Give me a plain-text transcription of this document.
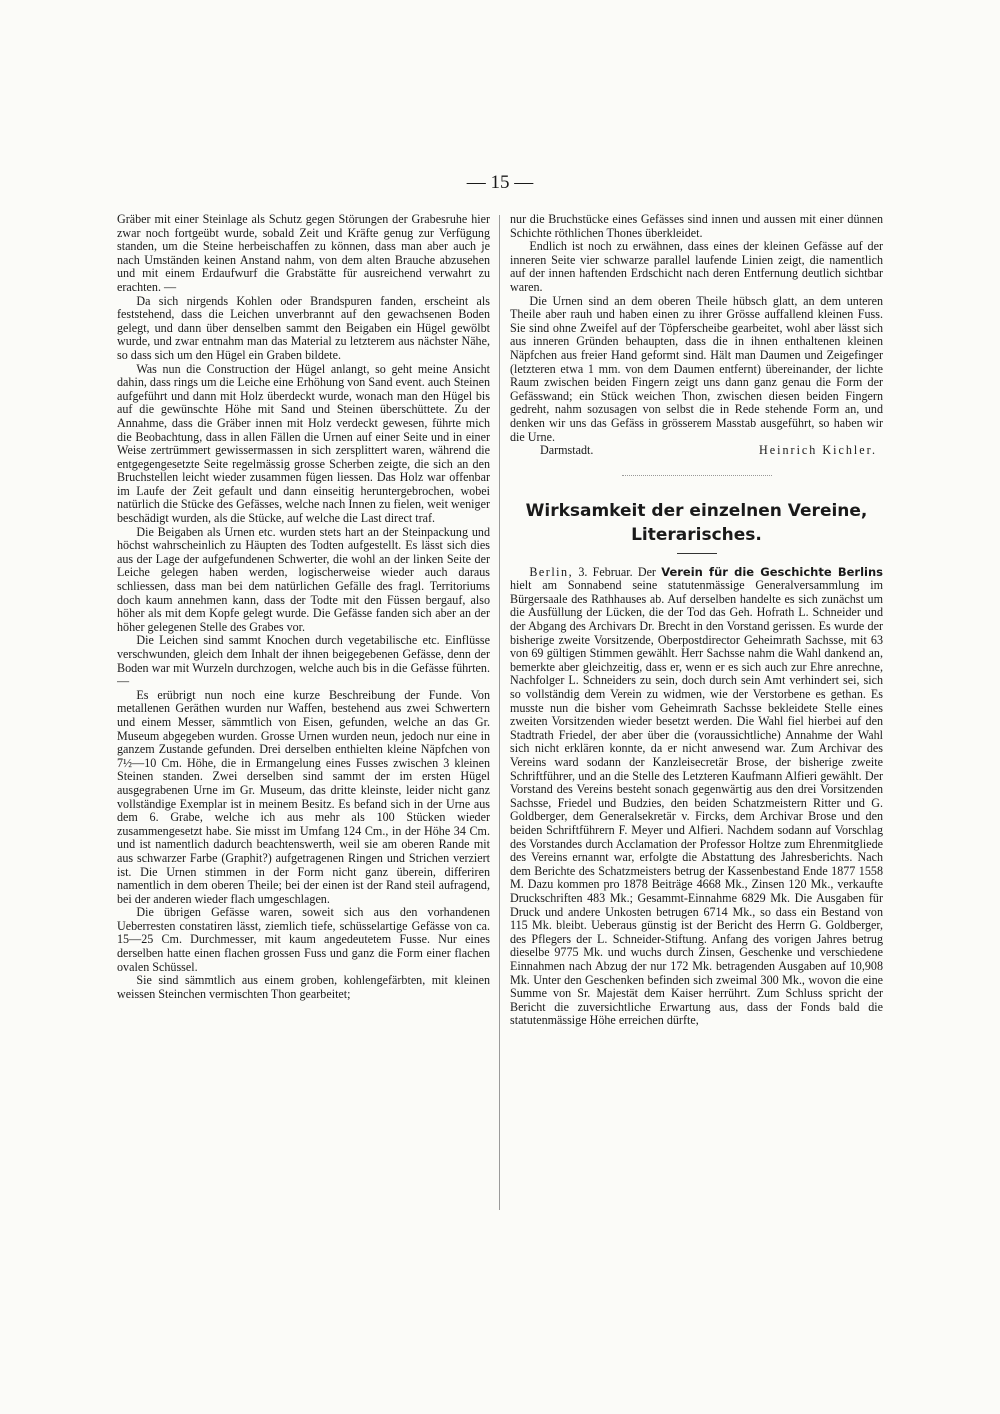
— 15 —

Gräber mit einer Steinlage als Schutz gegen Störungen der Grabesruhe hier zwar noch fortgeübt wurde, sobald Zeit und Kräfte genug zur Verfügung standen, um die Steine herbeischaffen zu können, dass man aber auch je nach Umständen keinen Anstand nahm, von dem alten Brauche abzusehen und mit einem Erdaufwurf die Grabstätte für ausreichend verwahrt zu erachten. —

Da sich nirgends Kohlen oder Brandspuren fanden, erscheint als feststehend, dass die Leichen unverbrannt auf den gewachsenen Boden gelegt, und dann über denselben sammt den Beigaben ein Hügel gewölbt wurde, und zwar entnahm man das Material zu letzterem aus nächster Nähe, so dass sich um den Hügel ein Graben bildete.

Was nun die Construction der Hügel anlangt, so geht meine Ansicht dahin, dass rings um die Leiche eine Erhöhung von Sand event. auch Steinen aufgeführt und dann mit Holz überdeckt wurde, wonach man den Hügel bis auf die gewünschte Höhe mit Sand und Steinen überschüttete. Zu der Annahme, dass die Gräber innen mit Holz verdeckt gewesen, führte mich die Beobachtung, dass in allen Fällen die Urnen auf einer Seite und in einer Weise zertrümmert gewissermassen in sich zersplittert waren, während die entgegengesetzte Seite regelmässig grosse Scherben zeigte, die sich an den Bruchstellen leicht wieder zusammen fügen liessen. Das Holz war offenbar im Laufe der Zeit gefault und dann einseitig heruntergebrochen, wobei natürlich die Stücke des Gefässes, welche nach Innen zu fielen, weit weniger beschädigt wurden, als die Stücke, auf welche die Last direct traf.

Die Beigaben als Urnen etc. wurden stets hart an der Steinpackung und höchst wahrscheinlich zu Häupten des Todten aufgestellt. Es lässt sich dies aus der Lage der aufgefundenen Schwerter, die wohl an der linken Seite der Leiche gelegen haben werden, logischerweise wieder auch daraus schliessen, dass man bei dem natürlichen Gefälle des fragl. Territoriums doch kaum annehmen kann, dass der Todte mit den Füssen bergauf, also höher als mit dem Kopfe gelegt wurde. Die Gefässe fanden sich aber an der höher gelegenen Stelle des Grabes vor.

Die Leichen sind sammt Knochen durch vegetabilische etc. Einflüsse verschwunden, gleich dem Inhalt der ihnen beigegebenen Gefässe, denn der Boden war mit Wurzeln durchzogen, welche auch bis in die Gefässe führten. —

Es erübrigt nun noch eine kurze Beschreibung der Funde. Von metallenen Geräthen wurden nur Waffen, bestehend aus zwei Schwertern und einem Messer, sämmtlich von Eisen, gefunden, welche an das Gr. Museum abgegeben wurden. Grosse Urnen wurden neun, jedoch nur eine in ganzem Zustande gefunden. Drei derselben enthielten kleine Näpfchen von 7½—10 Cm. Höhe, die in Ermangelung eines Fusses zwischen 3 kleinen Steinen standen. Zwei derselben sind sammt der im ersten Hügel ausgegrabenen Urne im Gr. Museum, das dritte kleinste, leider nicht ganz vollständige Exemplar ist in meinem Besitz. Es befand sich in der Urne aus dem 6. Grabe, welche ich aus mehr als 100 Stücken wieder zusammengesetzt habe. Sie misst im Umfang 124 Cm., in der Höhe 34 Cm. und ist namentlich dadurch beachtenswerth, weil sie am oberen Rande mit aus schwarzer Farbe (Graphit?) aufgetragenen Ringen und Strichen verziert ist. Die Urnen stimmen in der Form nicht ganz überein, differiren namentlich in dem oberen Theile; bei der einen ist der Rand steil aufragend, bei der anderen wieder flach umgeschlagen.

Die übrigen Gefässe waren, soweit sich aus den vorhandenen Ueberresten constatiren lässt, ziemlich tiefe, schüsselartige Gefässe von ca. 15—25 Cm. Durchmesser, mit kaum angedeutetem Fusse. Nur eines derselben hatte einen flachen grossen Fuss und ganz die Form einer flachen ovalen Schüssel.

Sie sind sämmtlich aus einem groben, kohlengefärbten, mit kleinen weissen Steinchen vermischten Thon gearbeitet;

nur die Bruchstücke eines Gefässes sind innen und aussen mit einer dünnen Schichte röthlichen Thones überkleidet.

Endlich ist noch zu erwähnen, dass eines der kleinen Gefässe auf der inneren Seite vier schwarze parallel laufende Linien zeigt, die namentlich auf der innen haftenden Erdschicht nach deren Entfernung deutlich sichtbar waren.

Die Urnen sind an dem oberen Theile hübsch glatt, an dem unteren Theile aber rauh und haben einen zu ihrer Grösse auffallend kleinen Fuss. Sie sind ohne Zweifel auf der Töpferscheibe gearbeitet, wohl aber lässt sich aus inneren Gründen behaupten, dass die in ihnen enthaltenen kleinen Näpfchen aus freier Hand geformt sind. Hält man Daumen und Zeigefinger (letzteren etwa 1 mm. von dem Daumen entfernt) übereinander, der lichte Raum zwischen beiden Fingern zeigt uns dann ganz genau die Form der Gefässwand; ein Stück weichen Thon, zwischen diesen beiden Fingern gedreht, nahm sozusagen von selbst die in Rede stehende Form an, und denken wir uns das Gefäss in grösserem Masstab ausgeführt, so haben wir die Urne.

Darmstadt.	Heinrich Kichler.
Wirksamkeit der einzelnen Vereine,
Literarisches.

Berlin, 3. Februar. Der Verein für die Geschichte Berlins hielt am Sonnabend seine statutenmässige Generalversammlung im Bürgersaale des Rathhauses ab. Auf derselben handelte es sich zunächst um die Ausfüllung der Lücken, die der Tod das Geh. Hofrath L. Schneider und der Abgang des Archivars Dr. Brecht in den Vorstand gerissen. Es wurde der bisherige zweite Vorsitzende, Oberpostdirector Geheimrath Sachsse, mit 63 von 69 gültigen Stimmen gewählt. Herr Sachsse nahm die Wahl dankend an, bemerkte aber gleichzeitig, dass er, wenn er es sich auch zur Ehre anrechne, Nachfolger L. Schneiders zu sein, doch durch sein Amt verhindert sei, sich so vollständig dem Verein zu widmen, wie der Verstorbene es gethan. Es musste nun die bisher vom Geheimrath Sachsse bekleidete Stelle eines zweiten Vorsitzenden wieder besetzt werden. Die Wahl fiel hierbei auf den Stadtrath Friedel, der aber über die (voraussichtliche) Annahme der Wahl sich nicht erklären konnte, da er nicht anwesend war. Zum Archivar des Vereins ward sodann der Kanzleisecretär Brose, der bisherige zweite Schriftführer, und an die Stelle des Letzteren Kaufmann Alfieri gewählt. Der Vorstand des Vereins besteht sonach gegenwärtig aus den drei Vorsitzenden Sachsse, Friedel und Budzies, den beiden Schatzmeistern Ritter und G. Goldberger, dem Generalsekretär v. Fircks, dem Archivar Brose und den beiden Schriftführern F. Meyer und Alfieri. Nachdem sodann auf Vorschlag des Vorstandes durch Acclamation der Professor Holtze zum Ehrenmitgliede des Vereins ernannt war, erfolgte die Abstattung des Jahresberichts. Nach dem Berichte des Schatzmeisters betrug der Kassenbestand Ende 1877 1558 M. Dazu kommen pro 1878 Beiträge 4668 Mk., Zinsen 120 Mk., verkaufte Druckschriften 483 Mk.; Gesammt-Einnahme 6829 Mk. Die Ausgaben für Druck und andere Unkosten betrugen 6714 Mk., so dass ein Bestand von 115 Mk. bleibt. Ueberaus günstig ist der Bericht des Herrn G. Goldberger, des Pflegers der L. Schneider-Stiftung. Anfang des vorigen Jahres betrug dieselbe 9775 Mk. und wuchs durch Zinsen, Geschenke und verschiedene Einnahmen nach Abzug der nur 172 Mk. betragenden Ausgaben auf 10,908 Mk. Unter den Geschenken befinden sich zweimal 300 Mk., wovon die eine Summe von Sr. Majestät dem Kaiser herrührt. Zum Schluss spricht der Bericht die zuversichtliche Erwartung aus, dass der Fonds bald die statutenmässige Höhe erreichen dürfte,
